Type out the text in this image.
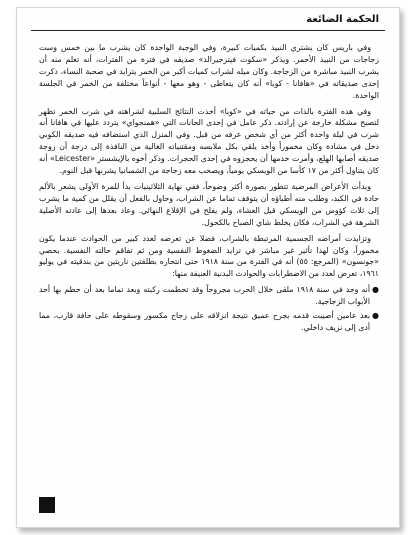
الحكمة الضائعة

وفي باريس كان يشتري النبيذ بكميات كبيرة، وفي الوجبة الواحدة كان يشرب ما بين خمس وست زجاجات من النبيذ الأحمر. ويذكر «سكوت فيتزجيرالد» صديقه في فترة من الفترات، أنه تعلم منه أن يشرب النبيذ مباشرة من الزجاجة. وكان ميله لشراب كميات أكبر من الخمر يتزايد في صحبة النساء، ذكرت إحدى صديقاته في «هافانا - كوبا» أنه كان يتعاطى - وهو معها - أنواعاً مختلفة من الخمر في الجلسة الواحدة.

وفي هذه الفترة بالذات من حياته في «كوبا» أخذت النتائج السلبية لشراهته في شرب الخمر تظهر لتصبح مشكلة خارجة عن إرادته. ذكر عامل في إحدى الحانات التي «همنجواي» يتردد عليها في هافانا أنه شرب في ليلة واحدة أكثر من أي شخص عرفه من قبل. وفي المنزل الذي استضافه فيه صديقه الكوبي دخل في مشادة وكان مخموراً وأخذ يلقي بكل ملابسه ومقتنياته الغالية من النافذة إلى درجة أن زوجة صديقه أصابها الهلع، وأمرت خدمها أن يحجزوه في إحدى الحجرات. وذكر أخوه بالإيشستر «Leicester» أنه كان يتناول أكثر من ١٧ كأسا من الويسكي يومياً، ويصحب معه زجاجة من الشمبانيا يشربها قبل النوم.

وبدأت الأعراض المرضية تتطور بصورة أكثر وضوحاً، ففي نهاية الثلاثينيات بدأ للمرة الأولى يشعر بالألم حادة في الكبد، وطلب منه أطباؤه أن يتوقف تماما عن الشراب، وحاول بالفعل أن يقلل من كمية ما يشرب إلى ثلاث كؤوس من الويسكي قبل العشاء، ولم يفلح في الإقلاع النهائي. وعاد بعدها إلى عادته الأصلية الشرهة في الشراب، فكان يخلط شاي الصباح بالكحول.

وتزايدت أمراضه الجسمية المرتبطة بالشراب، فضلا عن تعرضه لعدد كبير من الحوادث عندما يكون مخموراً، وكان لهذا تأثير غير مباشر في تزايد الضغوط النفسية ومن ثم تفاقم حالته النفسية. يحصي «جونسون» (المرجع: ٥٥) أنه في الفترة من سنة ١٩١٨ حتى انتحاره بطلقتين ناريتين من بندقيته في يوليو ١٩٦١، تعرض لعدد من الاضطرابات والحوادث البدنية العنيفة منها:

●
أنه وجد في سنة ١٩١٨ ملقى خلال الحرب مجروحاً وقد تحطمت ركبته وبعد تماما بعد أن حطم بها أحد الأبواب الزجاجية.
●
بعد عامين أصيبت قدمه بجرح عميق نتيجة انزلاقه على زجاج مكسور وسقوطه على حافة قارب، مما أدى إلى نزيف داخلي.
